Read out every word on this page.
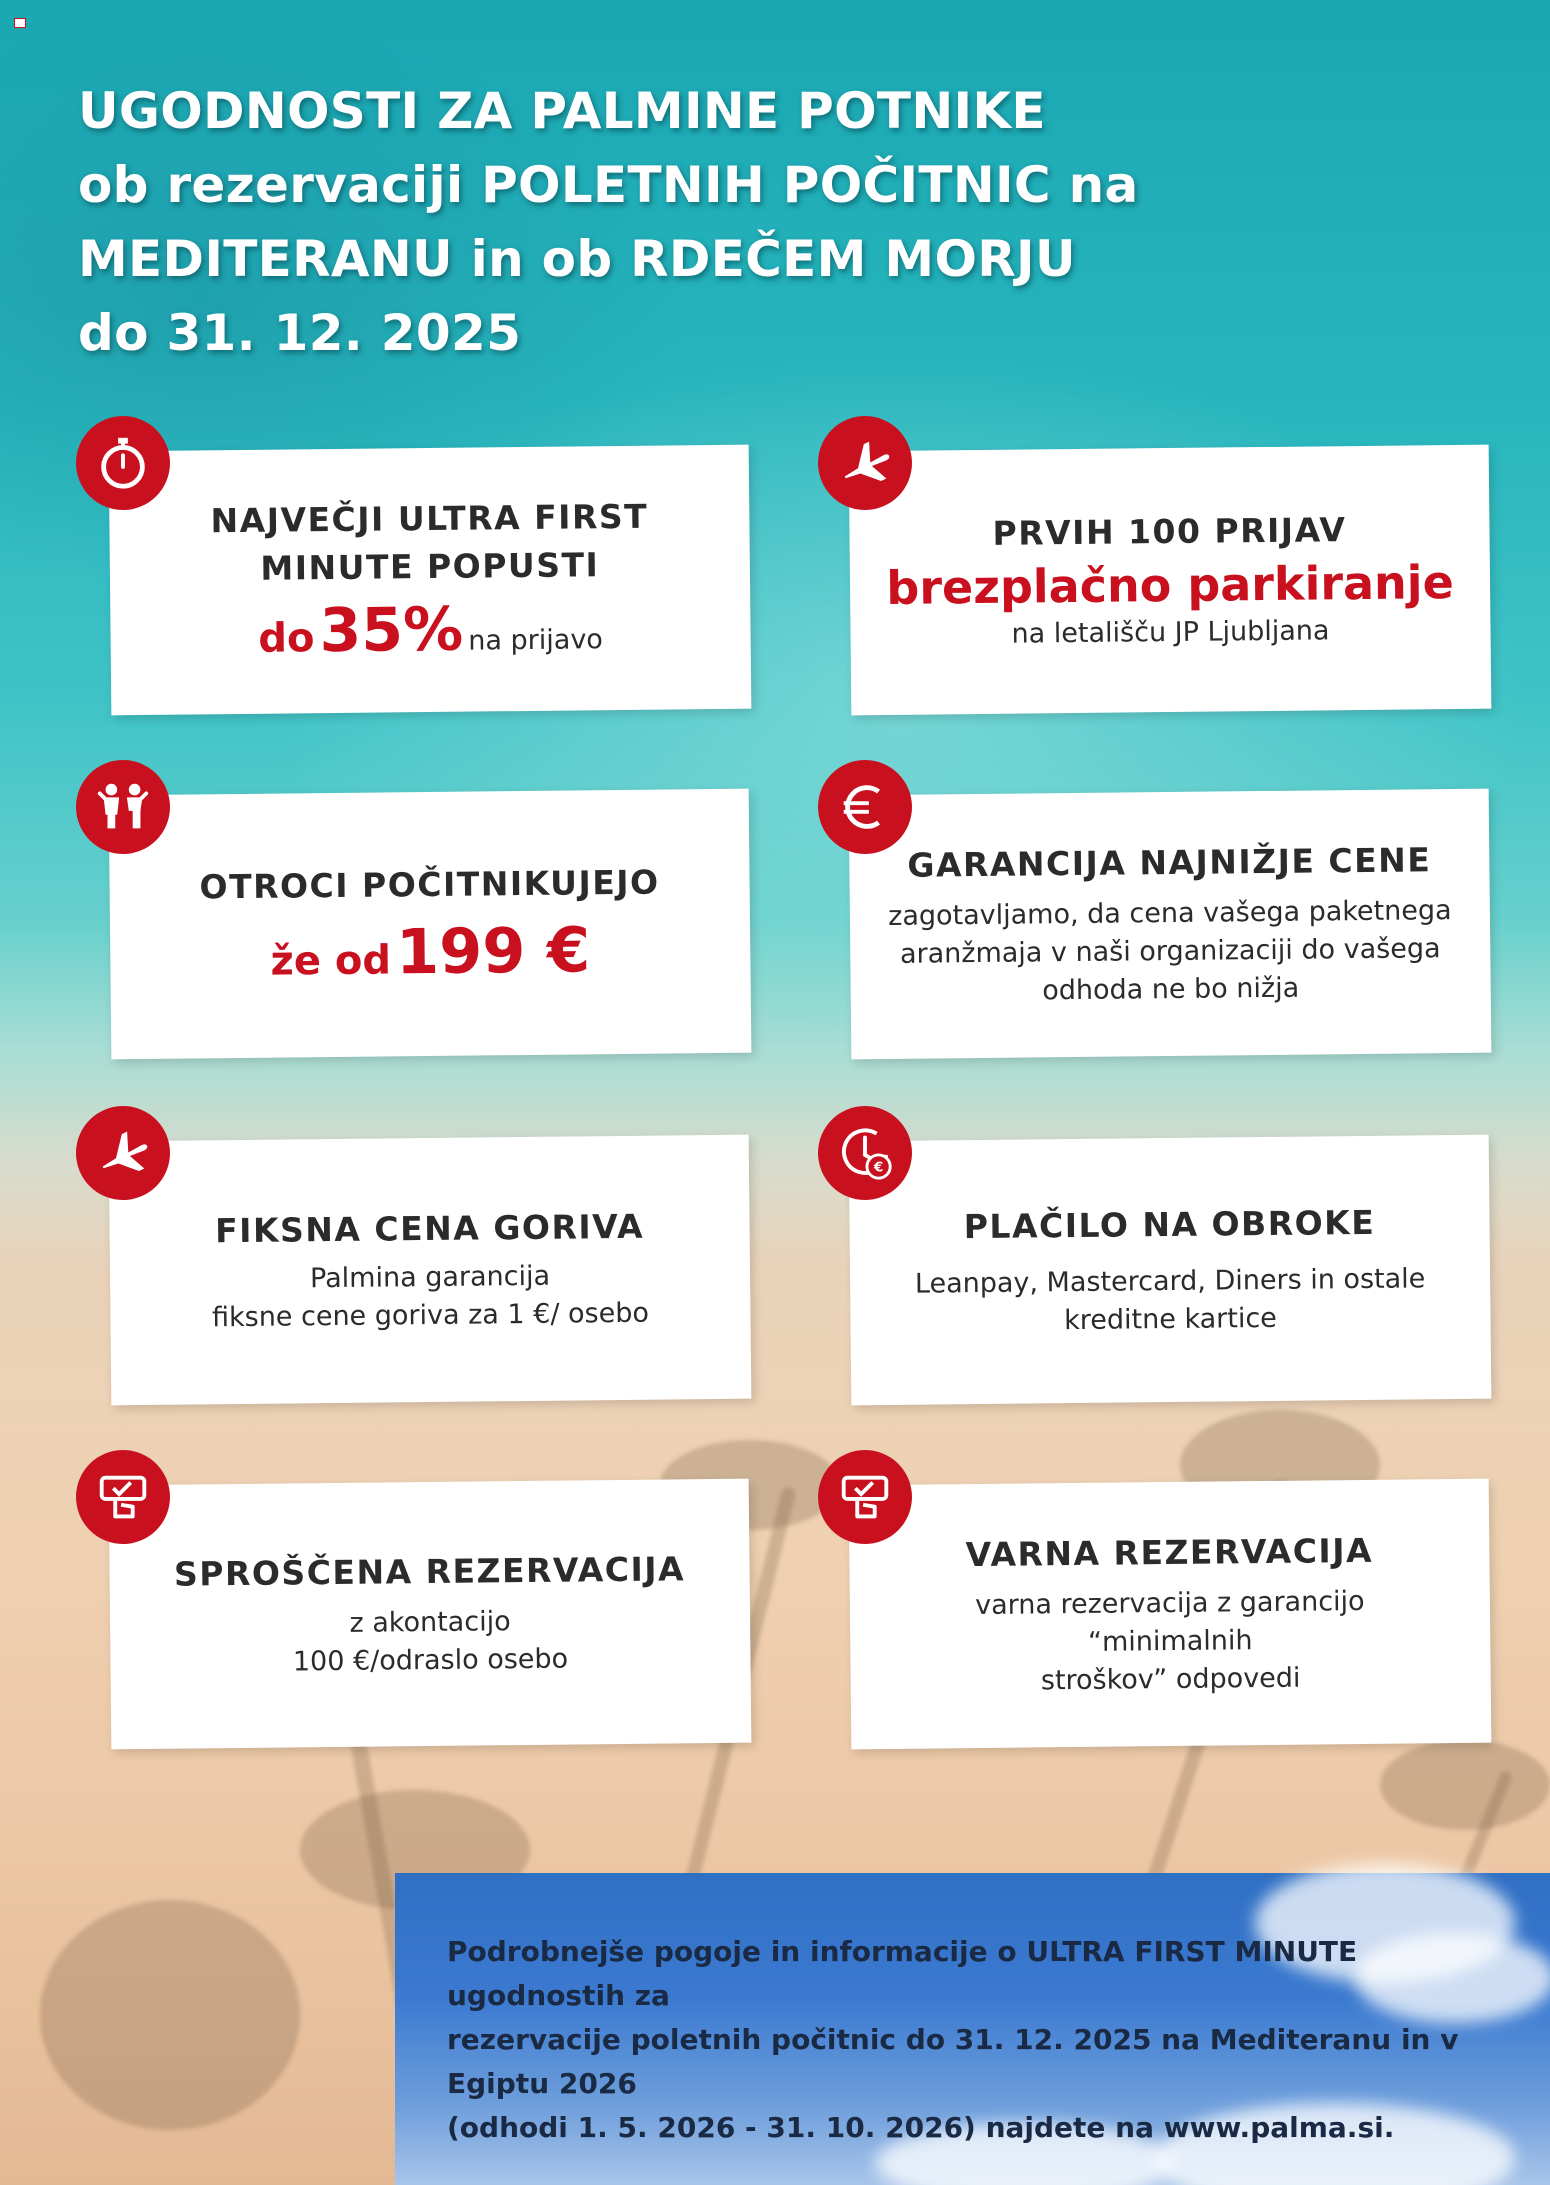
UGODNOSTI ZA PALMINE POTNIKE
ob rezervaciji POLETNIH POČITNIC na
MEDITERANU in ob RDEČEM MORJU
do 31. 12. 2025
NAJVEČJI ULTRA FIRST
MINUTE POPUSTI
do 35% na prijavo
PRVIH 100 PRIJAV
brezplačno parkiranje
na letališču JP Ljubljana
OTROCI POČITNIKUJEJO
že od 199 €
GARANCIJA NAJNIŽJE CENE
zagotavljamo, da cena vašega paketnega
aranžmaja v naši organizaciji do vašega
odhoda ne bo nižja
FIKSNA CENA GORIVA
Palmina garancija
fiksne cene goriva za 1 €/ osebo
€
PLAČILO NA OBROKE
Leanpay, Mastercard, Diners in ostale
kreditne kartice
SPROŠČENA REZERVACIJA
z akontacijo
100 €/odraslo osebo
VARNA REZERVACIJA
varna rezervacija z garancijo
“minimalnih
stroškov” odpovedi
Podrobnejše pogoje in informacije o ULTRA FIRST MINUTE ugodnostih za
rezervacije poletnih počitnic do 31. 12. 2025 na Mediteranu in v Egiptu 2026
(odhodi 1. 5. 2026 - 31. 10. 2026) najdete na www.palma.si.
